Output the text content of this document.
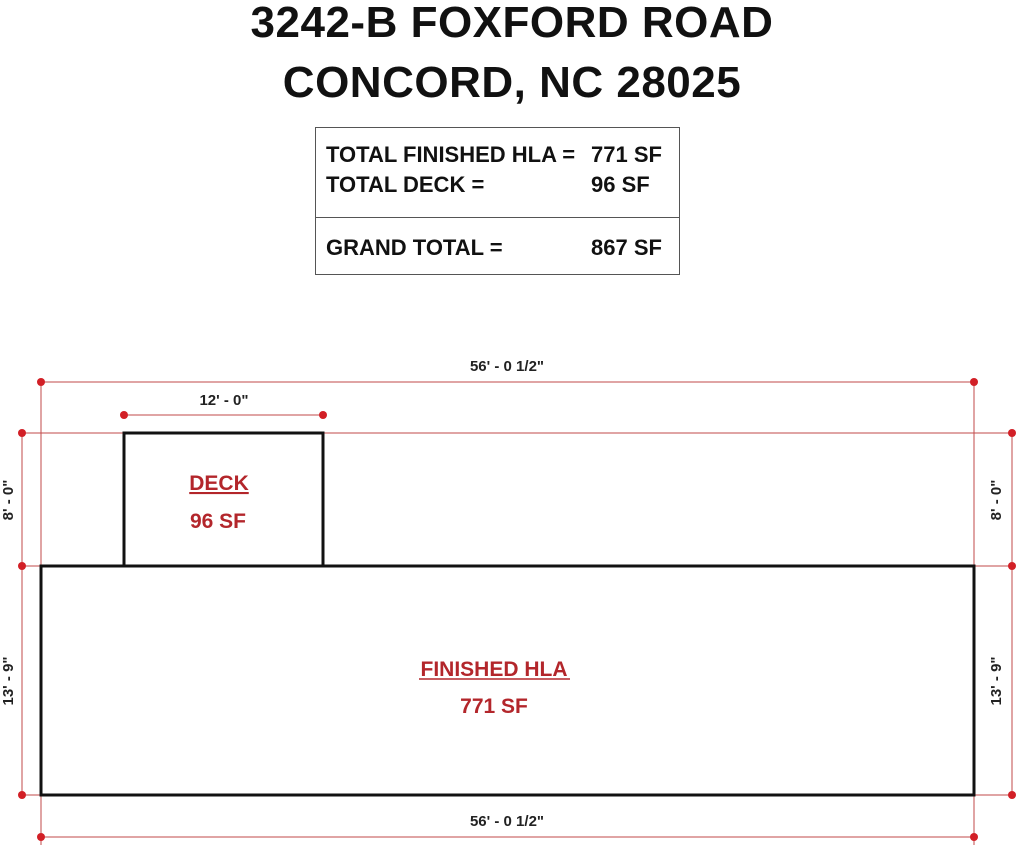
3242-B FOXFORD ROAD
CONCORD, NC 28025
TOTAL FINISHED HLA = 771 SF
TOTAL DECK =	96 SF
GRAND TOTAL =	867 SF
56' - 0 1/2"
12' - 0"
56' - 0 1/2"
8' - 0"
13' - 9"
8' - 0"
13' - 9"
DECK
96 SF
FINISHED HLA
771 SF
